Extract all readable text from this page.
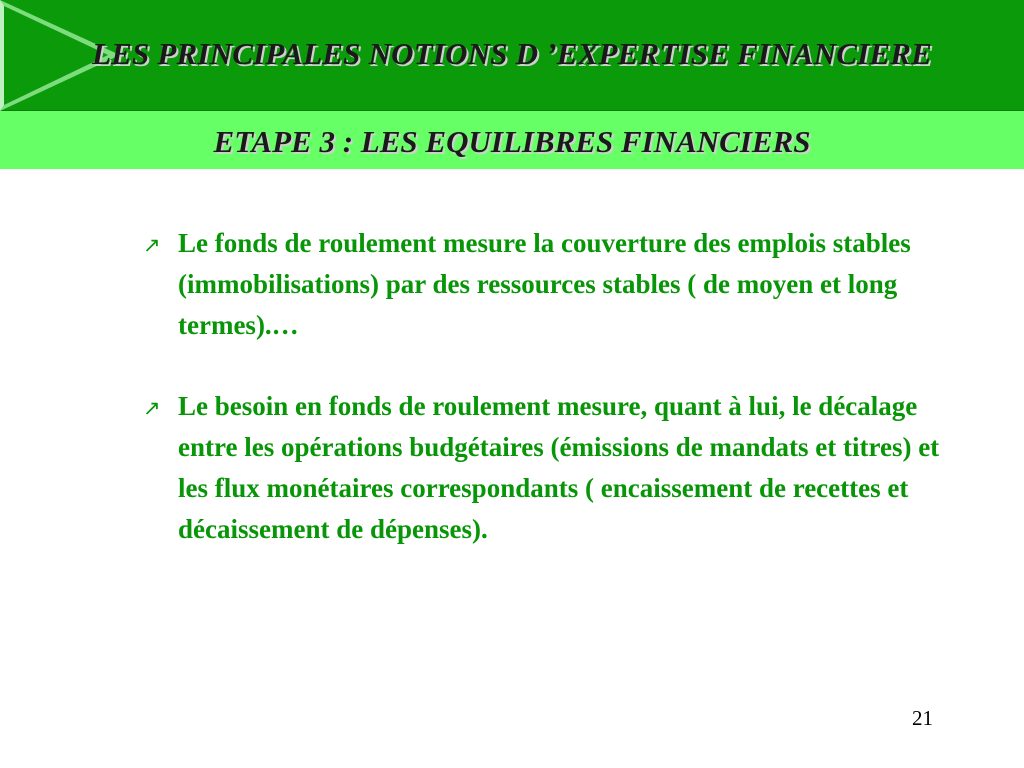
LES PRINCIPALES NOTIONS D ’EXPERTISE FINANCIERE
ETAPE 3 : LES EQUILIBRES FINANCIERS
↗ Le fonds de roulement mesure la couverture des emplois stables (immobilisations) par des ressources stables ( de moyen et long termes).…
↗ Le besoin en fonds de roulement mesure, quant à lui, le décalage entre les opérations budgétaires (émissions de mandats et titres) et les flux monétaires correspondants ( encaissement de recettes et décaissement de dépenses).
21
